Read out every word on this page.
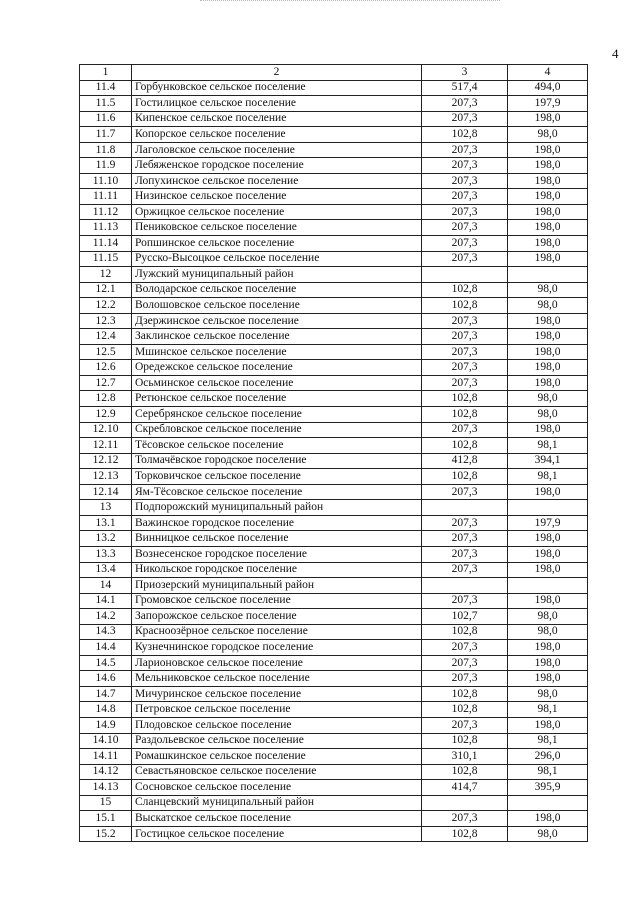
4
1	2	3	4
11.4	Горбунковское сельское поселение	517,4	494,0
11.5	Гостилицкое сельское поселение	207,3	197,9
11.6	Кипенское сельское поселение	207,3	198,0
11.7	Копорское сельское поселение	102,8	98,0
11.8	Лаголовское сельское поселение	207,3	198,0
11.9	Лебяженское городское поселение	207,3	198,0
11.10	Лопухинское сельское поселение	207,3	198,0
11.11	Низинское сельское поселение	207,3	198,0
11.12	Оржицкое сельское поселение	207,3	198,0
11.13	Пениковское сельское поселение	207,3	198,0
11.14	Ропшинское сельское поселение	207,3	198,0
11.15	Русско-Высоцкое сельское поселение	207,3	198,0
12	Лужский муниципальный район		
12.1	Володарское сельское поселение	102,8	98,0
12.2	Волошовское сельское поселение	102,8	98,0
12.3	Дзержинское сельское поселение	207,3	198,0
12.4	Заклинское сельское поселение	207,3	198,0
12.5	Мшинское сельское поселение	207,3	198,0
12.6	Оредежское сельское поселение	207,3	198,0
12.7	Осьминское сельское поселение	207,3	198,0
12.8	Ретюнское сельское поселение	102,8	98,0
12.9	Серебрянское сельское поселение	102,8	98,0
12.10	Скребловское сельское поселение	207,3	198,0
12.11	Тёсовское сельское поселение	102,8	98,1
12.12	Толмачёвское городское поселение	412,8	394,1
12.13	Торковичское сельское поселение	102,8	98,1
12.14	Ям-Тёсовское сельское поселение	207,3	198,0
13	Подпорожский муниципальный район		
13.1	Важинское городское поселение	207,3	197,9
13.2	Винницкое сельское поселение	207,3	198,0
13.3	Вознесенское городское поселение	207,3	198,0
13.4	Никольское городское поселение	207,3	198,0
14	Приозерский муниципальный район		
14.1	Громовское сельское поселение	207,3	198,0
14.2	Запорожское сельское поселение	102,7	98,0
14.3	Красноозёрное сельское поселение	102,8	98,0
14.4	Кузнечнинское городское поселение	207,3	198,0
14.5	Ларионовское сельское поселение	207,3	198,0
14.6	Мельниковское сельское поселение	207,3	198,0
14.7	Мичуринское сельское поселение	102,8	98,0
14.8	Петровское сельское поселение	102,8	98,1
14.9	Плодовское сельское поселение	207,3	198,0
14.10	Раздольевское сельское поселение	102,8	98,1
14.11	Ромашкинское сельское поселение	310,1	296,0
14.12	Севастьяновское сельское поселение	102,8	98,1
14.13	Сосновское сельское поселение	414,7	395,9
15	Сланцевский муниципальный район		
15.1	Выскатское сельское поселение	207,3	198,0
15.2	Гостицкое сельское поселение	102,8	98,0
